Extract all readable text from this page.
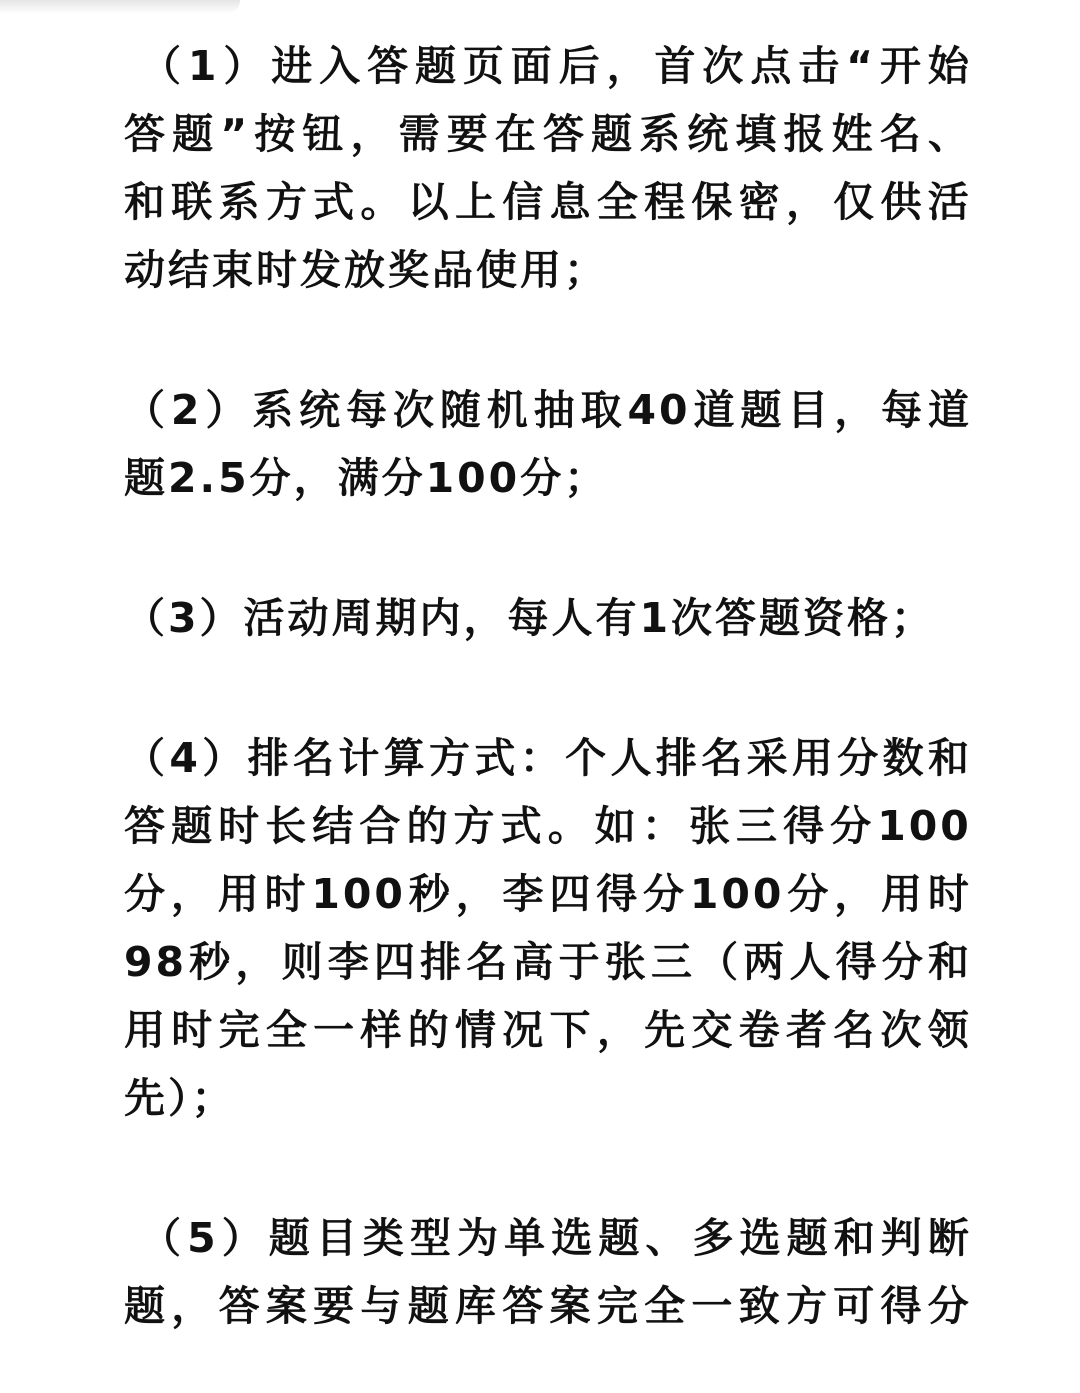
（ 1 ） 进 入 答 题 页 面 后 ， 首 次 点 击 “ 开 始
答 题 ” 按 钮 ， 需 要 在 答 题 系 统 填 报 姓 名 、
和 联 系 方 式 。 以 上 信 息 全 程 保 密 ， 仅 供 活
动结束时发放奖品使用；

（ 2 ） 系 统 每 次 随 机 抽 取 40 道 题 目 ， 每 道
题2.5分，满分100分；

（3）活动周期内，每人有1次答题资格；

（ 4 ） 排 名 计 算 方 式 ： 个 人 排 名 采 用 分 数 和
答 题 时 长 结 合 的 方 式 。 如 ： 张 三 得 分 100
分 ， 用 时 100 秒 ， 李 四 得 分 100 分 ， 用 时
98 秒 ， 则 李 四 排 名 高 于 张 三 （ 两 人 得 分 和
用 时 完 全 一 样 的 情 况 下 ， 先 交 卷 者 名 次 领
先）；

（ 5 ） 题 目 类 型 为 单 选 题 、 多 选 题 和 判 断
题 ， 答 案 要 与 题 库 答 案 完 全 一 致 方 可 得 分
